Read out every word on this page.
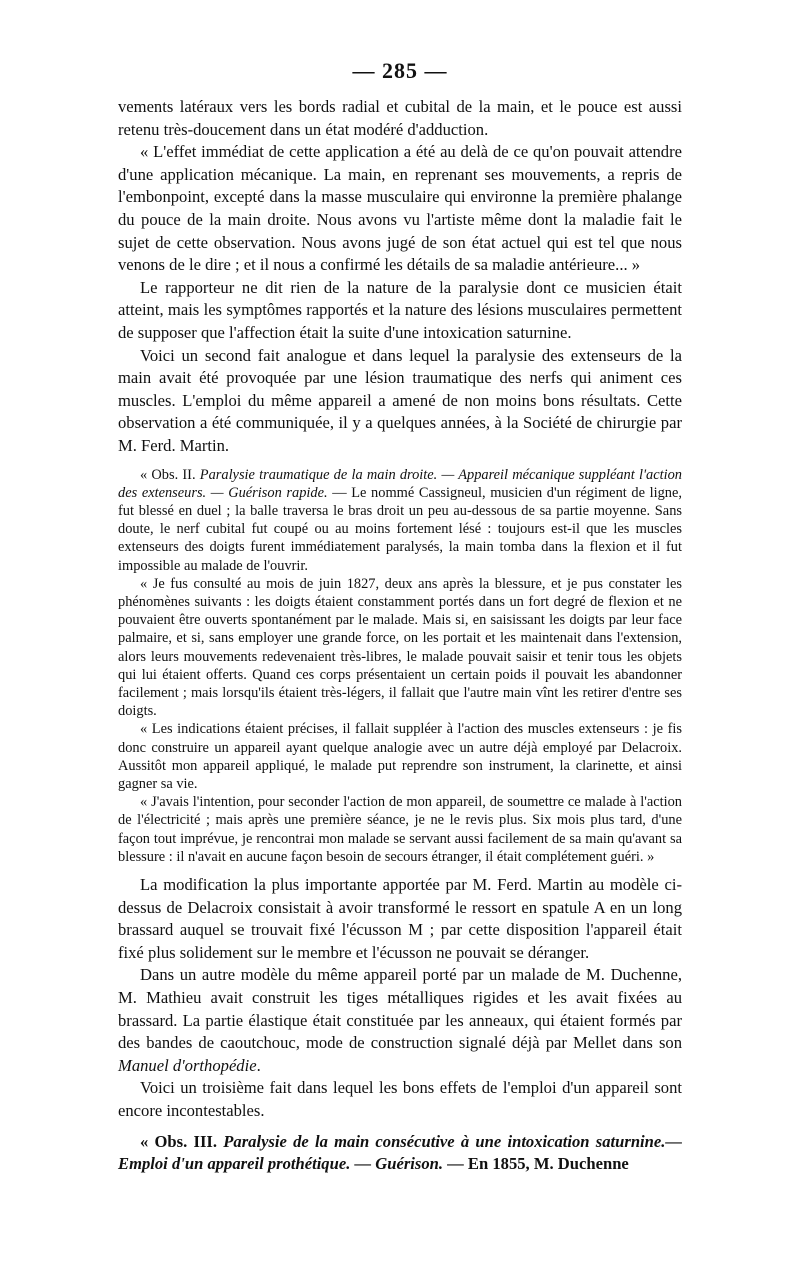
— 285 —

vements latéraux vers les bords radial et cubital de la main, et le pouce est aussi retenu très-doucement dans un état modéré d'adduction.

« L'effet immédiat de cette application a été au delà de ce qu'on pouvait attendre d'une application mécanique. La main, en reprenant ses mouvements, a repris de l'embonpoint, excepté dans la masse musculaire qui environne la première phalange du pouce de la main droite. Nous avons vu l'artiste même dont la maladie fait le sujet de cette observation. Nous avons jugé de son état actuel qui est tel que nous venons de le dire ; et il nous a confirmé les détails de sa maladie antérieure... »

Le rapporteur ne dit rien de la nature de la paralysie dont ce musicien était atteint, mais les symptômes rapportés et la nature des lésions musculaires permettent de supposer que l'affection était la suite d'une intoxication saturnine.

Voici un second fait analogue et dans lequel la paralysie des extenseurs de la main avait été provoquée par une lésion traumatique des nerfs qui animent ces muscles. L'emploi du même appareil a amené de non moins bons résultats. Cette observation a été communiquée, il y a quelques années, à la Société de chirurgie par M. Ferd. Martin.

« Obs. II. Paralysie traumatique de la main droite. — Appareil mécanique suppléant l'action des extenseurs. — Guérison rapide. — Le nommé Cassigneul, musicien d'un régiment de ligne, fut blessé en duel ; la balle traversa le bras droit un peu au-dessous de sa partie moyenne. Sans doute, le nerf cubital fut coupé ou au moins fortement lésé : toujours est-il que les muscles extenseurs des doigts furent immédiatement paralysés, la main tomba dans la flexion et il fut impossible au malade de l'ouvrir.

« Je fus consulté au mois de juin 1827, deux ans après la blessure, et je pus constater les phénomènes suivants : les doigts étaient constamment portés dans un fort degré de flexion et ne pouvaient être ouverts spontanément par le malade. Mais si, en saisissant les doigts par leur face palmaire, et si, sans employer une grande force, on les portait et les maintenait dans l'extension, alors leurs mouvements redevenaient très-libres, le malade pouvait saisir et tenir tous les objets qui lui étaient offerts. Quand ces corps présentaient un certain poids il pouvait les abandonner facilement ; mais lorsqu'ils étaient très-légers, il fallait que l'autre main vînt les retirer d'entre ses doigts.

« Les indications étaient précises, il fallait suppléer à l'action des muscles extenseurs : je fis donc construire un appareil ayant quelque analogie avec un autre déjà employé par Delacroix. Aussitôt mon appareil appliqué, le malade put reprendre son instrument, la clarinette, et ainsi gagner sa vie.

« J'avais l'intention, pour seconder l'action de mon appareil, de soumettre ce malade à l'action de l'électricité ; mais après une première séance, je ne le revis plus. Six mois plus tard, d'une façon tout imprévue, je rencontrai mon malade se servant aussi facilement de sa main qu'avant sa blessure : il n'avait en aucune façon besoin de secours étranger, il était complétement guéri. »

La modification la plus importante apportée par M. Ferd. Martin au modèle ci-dessus de Delacroix consistait à avoir transformé le ressort en spatule A en un long brassard auquel se trouvait fixé l'écusson M ; par cette disposition l'appareil était fixé plus solidement sur le membre et l'écusson ne pouvait se déranger.

Dans un autre modèle du même appareil porté par un malade de M. Duchenne, M. Mathieu avait construit les tiges métalliques rigides et les avait fixées au brassard. La partie élastique était constituée par les anneaux, qui étaient formés par des bandes de caoutchouc, mode de construction signalé déjà par Mellet dans son Manuel d'orthopédie.

Voici un troisième fait dans lequel les bons effets de l'emploi d'un appareil sont encore incontestables.

« Obs. III. Paralysie de la main consécutive à une intoxication saturnine.— Emploi d'un appareil prothétique. — Guérison. — En 1855, M. Duchenne
